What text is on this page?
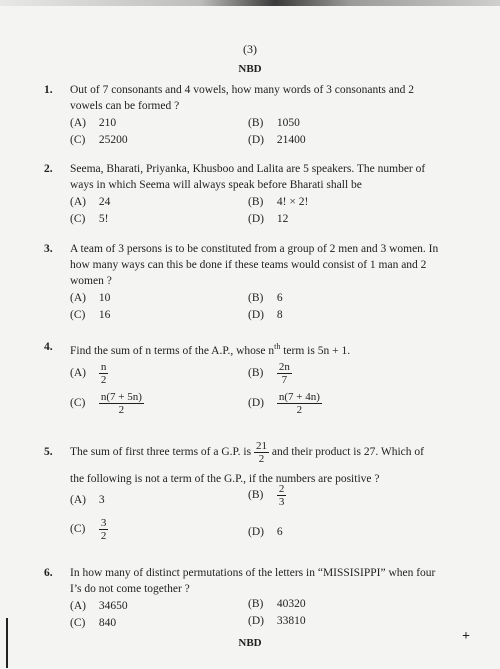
(3)
NBD
1. Out of 7 consonants and 4 vowels, how many words of 3 consonants and 2 vowels can be formed ?
(A) 210	(B) 1050
(C) 25200	(D) 21400
2. Seema, Bharati, Priyanka, Khusboo and Lalita are 5 speakers. The number of ways in which Seema will always speak before Bharati shall be
(A) 24	(B) 4! × 2!
(C) 5!	(D) 12
3. A team of 3 persons is to be constituted from a group of 2 men and 3 women. In how many ways can this be done if these teams would consist of 1 man and 2 women ?
(A) 10	(B) 6
(C) 16	(D) 8
4. Find the sum of n terms of the A.P., whose $n^{th}$ term is 5n + 1.
$(A) \frac{n}{2}$	$(B) \frac{2n}{7}$
$(C) \frac{n(7 + 5n)}{2}$	$(D) \frac{n(7 + 4n)}{2}$
5. The sum of first three terms of a G.P. is $\frac{21}{2}$ and their product is 27. Which of
the following is not a term of the G.P., if the numbers are positive ?
(A) 3	$(B) \frac{2}{3}$
$(C) \frac{3}{2}$	(D) 6
6. In how many of distinct permutations of the letters in “MISSISIPPI” when four I’s do not come together ?
(A) 34650	(B) 40320
(C) 840	(D) 33810
NBD	+
